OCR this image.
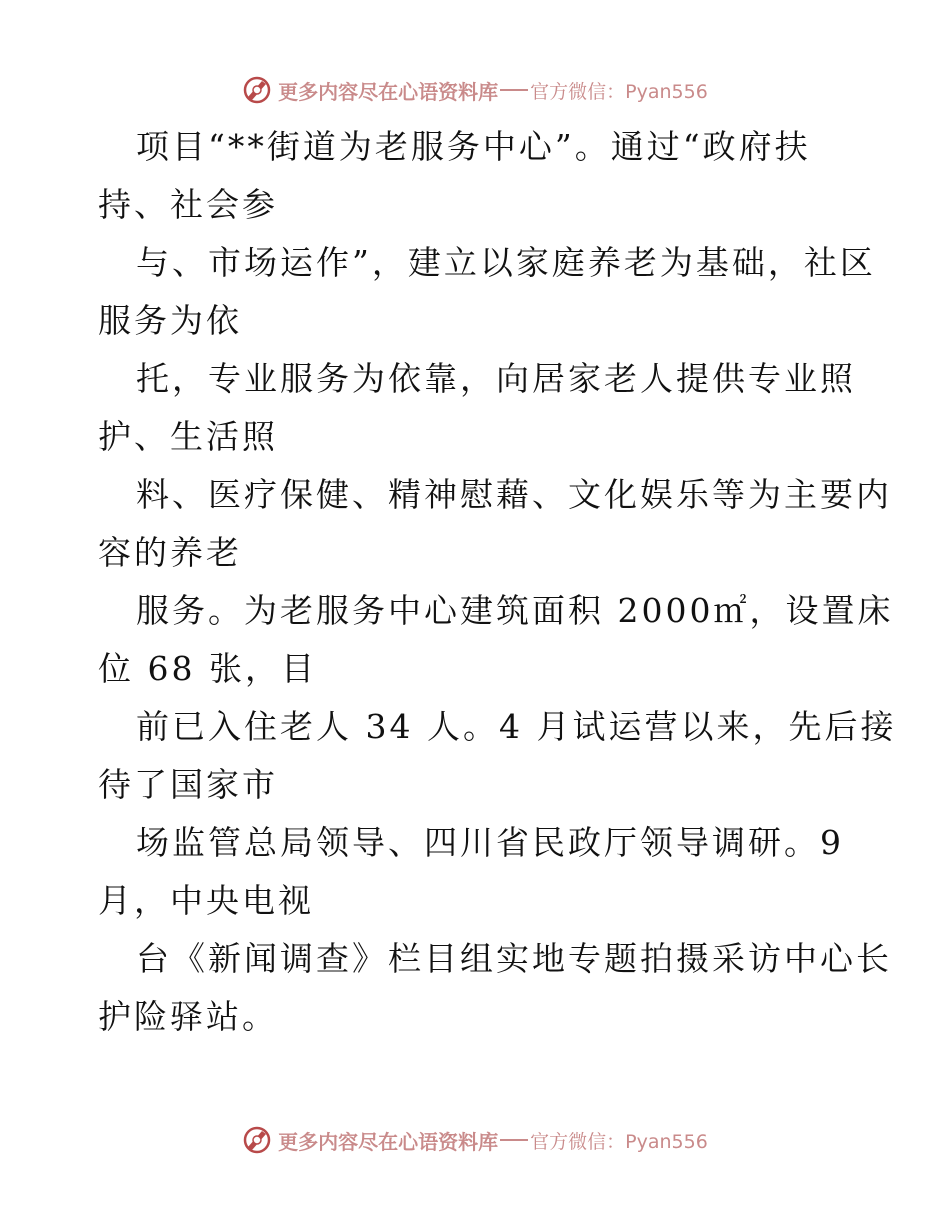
更多内容尽在心语资料库 官方微信：Pyan556
项目“**街道为老服务中心”。通过“政府扶
持、社会参
与、市场运作”，建立以家庭养老为基础，社区
服务为依
托，专业服务为依靠，向居家老人提供专业照
护、生活照
料、医疗保健、精神慰藉、文化娱乐等为主要内
容的养老
服务。为老服务中心建筑面积 2000㎡，设置床
位 68 张，目
前已入住老人 34 人。4 月试运营以来，先后接
待了国家市
场监管总局领导、四川省民政厅领导调研。9
月，中央电视
台《新闻调查》栏目组实地专题拍摄采访中心长
护险驿站。
更多内容尽在心语资料库 官方微信：Pyan556
